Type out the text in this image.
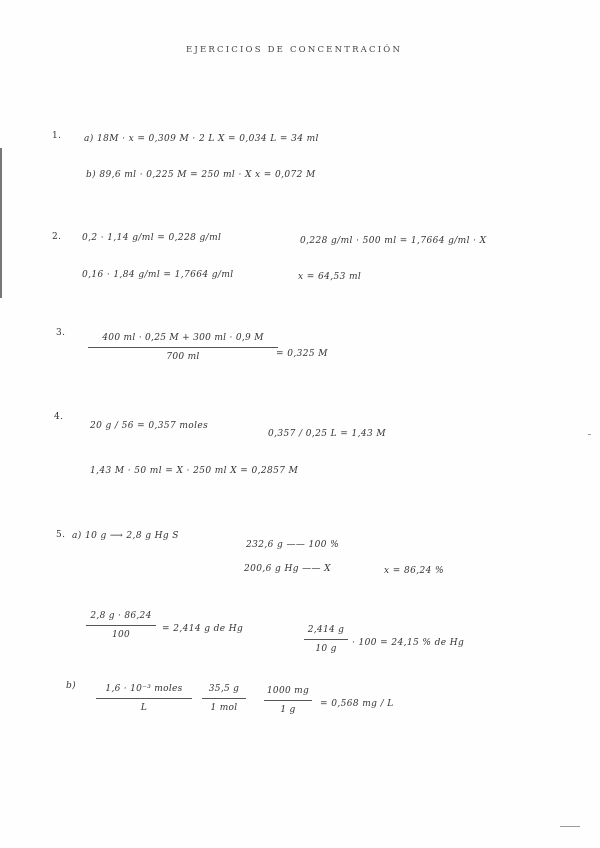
EJERCICIOS DE CONCENTRACIÓN
1.	a) 18M · x = 0,309 M · 2 L X = 0,034 L = 34 ml
b) 89,6 ml · 0,225 M = 250 ml · X x = 0,072 M
2. 0,2 · 1,14 g/ml = 0,228 g/ml
0,16 · 1,84 g/ml = 1,7664 g/ml
0,228 g/ml · 500 ml = 1,7664 g/ml · X
x = 64,53 ml
3.	400 ml · 0,25 M + 300 ml · 0,9 M
700 ml	= 0,325 M
4.
20 g / 56 = 0,357 moles
0,357 / 0,25 L = 1,43 M
1,43 M · 50 ml = X · 250 ml X = 0,2857 M
5. a) 10 g ⟶ 2,8 g Hg S
232,6 g —— 100 %
200,6 g Hg —— X	x = 86,24 %
2,8 g · 86,24
100
= 2,414 g de Hg	2,414 g
10 g
· 100 = 24,15 % de Hg
b)	1,6 · 10⁻³ moles
L
35,5 g
1 mol
1000 mg
1 g
= 0,568 mg / L
